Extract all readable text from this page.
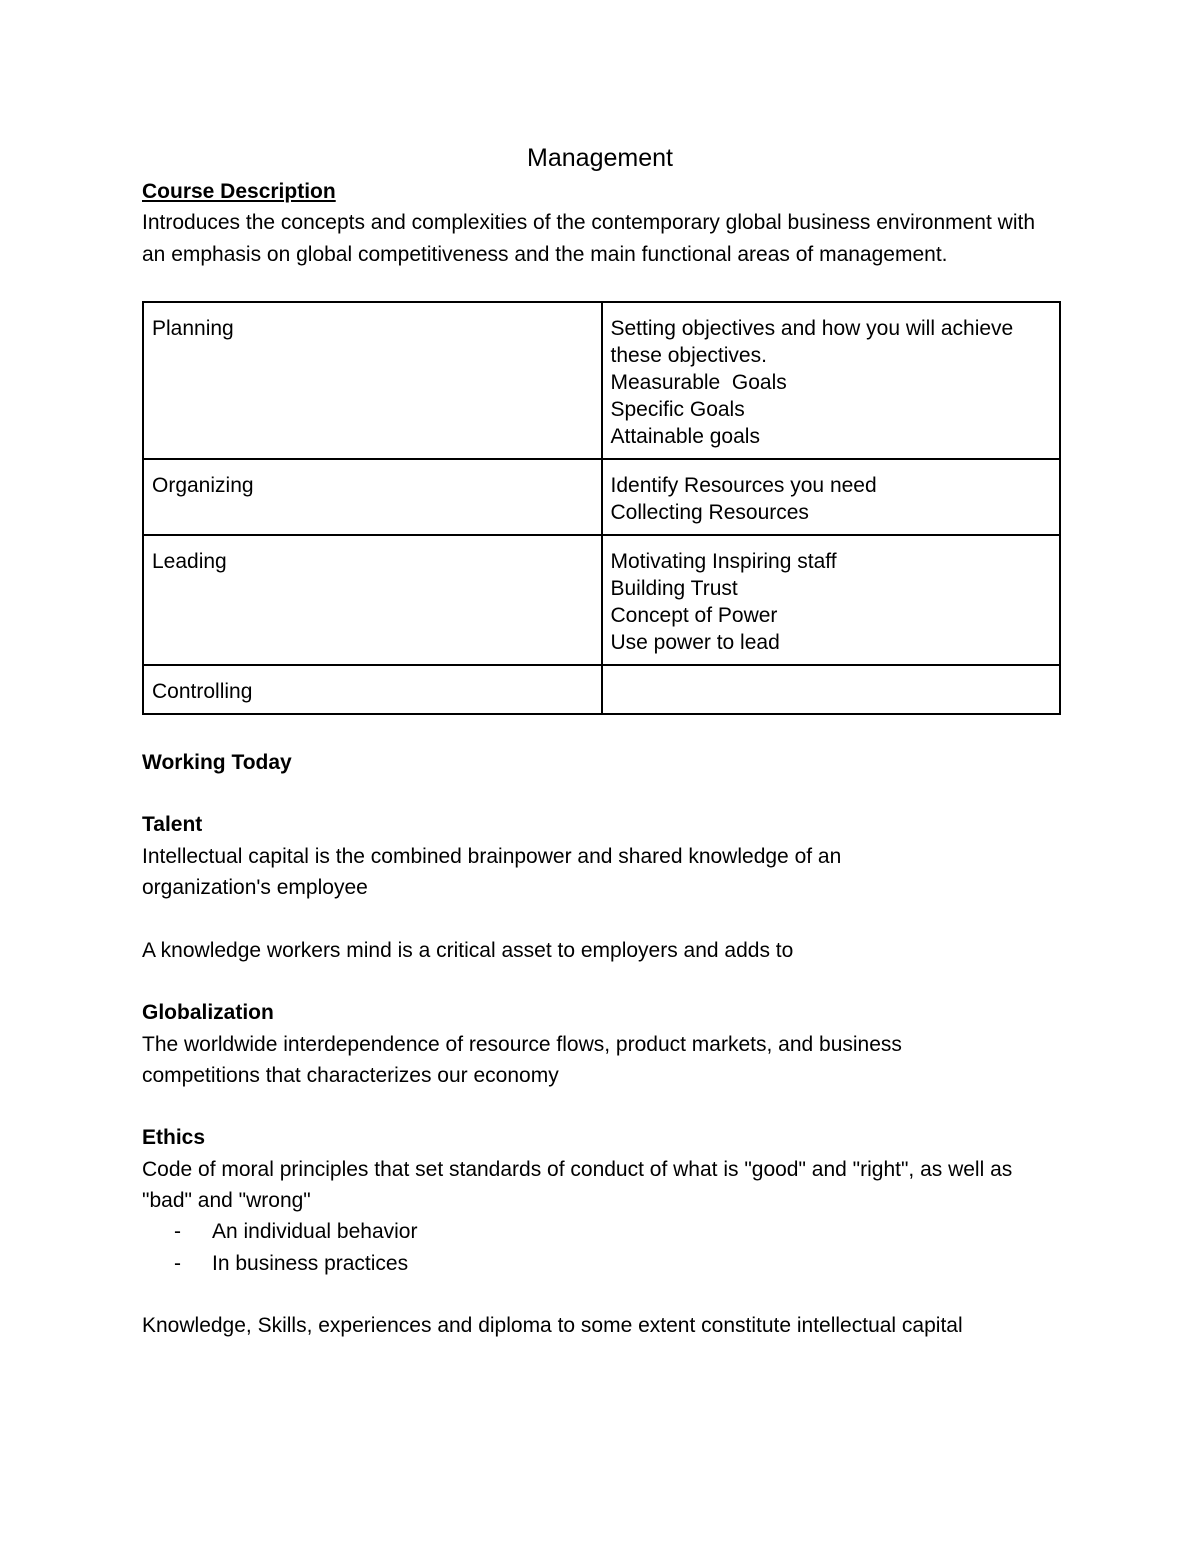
Management

Course Description

Introduces the concepts and complexities of the contemporary global business environment with an emphasis on global competitiveness and the main functional areas of management.

Planning	Setting objectives and how you will achieve these objectives.
Measurable  Goals
Specific Goals
Attainable goals

Organizing	Identify Resources you need
Collecting Resources

Leading	Motivating Inspiring staff
Building Trust
Concept of Power
Use power to lead

Controlling	

Working Today

Talent

Intellectual capital is the combined brainpower and shared knowledge of an organization's employee

A knowledge workers mind is a critical asset to employers and adds to

Globalization

The worldwide interdependence of resource flows, product markets, and business competitions that characterizes our economy

Ethics

Code of moral principles that set standards of conduct of what is "good" and "right", as well as "bad" and "wrong"

- An individual behavior
- In business practices

Knowledge, Skills, experiences and diploma to some extent constitute intellectual capital
